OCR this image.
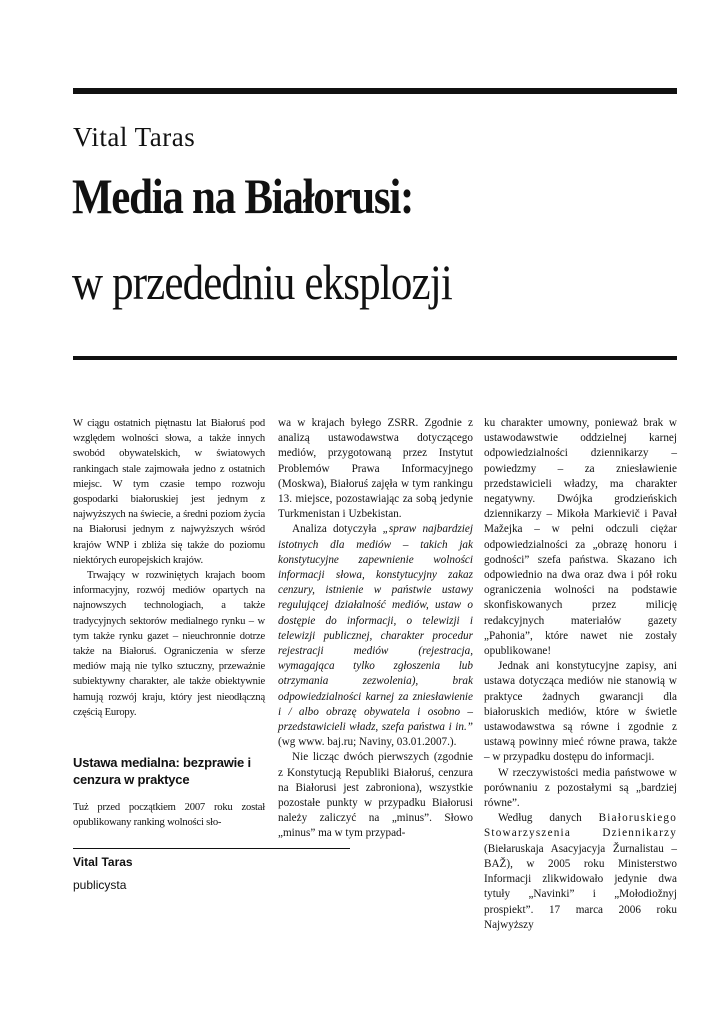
Vital Taras
Media na Białorusi:
w przededniu eksplozji

W ciągu ostatnich piętnastu lat Białoruś pod względem wolności słowa, a także innych swobód obywatelskich, w światowych rankingach stale zajmowała jedno z ostatnich miejsc. W tym czasie tempo rozwoju gospodarki białoruskiej jest jednym z najwyższych na świecie, a średni poziom życia na Białorusi jednym z najwyższych wśród krajów WNP i zbliża się także do poziomu niektórych europejskich krajów.

Trwający w rozwiniętych krajach boom informacyjny, rozwój mediów opartych na najnowszych technologiach, a także tradycyjnych sektorów medialnego rynku – w tym także rynku gazet – nieuchronnie dotrze także na Białoruś. Ograniczenia w sferze mediów mają nie tylko sztuczny, przeważnie subiektywny charakter, ale także obiektywnie hamują rozwój kraju, który jest nieodłączną częścią Europy.

Ustawa medialna: bezprawie i cenzura w praktyce

Tuż przed początkiem 2007 roku został opublikowany ranking wolności sło-

wa w krajach byłego ZSRR. Zgodnie z analizą ustawodawstwa dotyczącego mediów, przygotowaną przez Instytut Problemów Prawa Informacyjnego (Moskwa), Białoruś zajęła w tym rankingu 13. miejsce, pozostawiając za sobą jedynie Turkmenistan i Uzbekistan.

Analiza dotyczyła „spraw najbardziej istotnych dla mediów – takich jak konstytucyjne zapewnienie wolności informacji słowa, konstytucyjny zakaz cenzury, istnienie w państwie ustawy regulującej działalność mediów, ustaw o dostępie do informacji, o telewizji i telewizji publicznej, charakter procedur rejestracji mediów (rejestracja, wymagająca tylko zgłoszenia lub otrzymania zezwolenia), brak odpowiedzialności karnej za zniesławienie i / albo obrazę obywatela i osobno – przedstawicieli władz, szefa państwa i in.” (wg www. baj.ru; Naviny, 03.01.2007.).

Nie licząc dwóch pierwszych (zgodnie z Konstytucją Republiki Białoruś, cenzura na Białorusi jest zabroniona), wszystkie pozostałe punkty w przypadku Białorusi należy zaliczyć na „minus”. Słowo „minus” ma w tym przypad-

ku charakter umowny, ponieważ brak w ustawodawstwie oddzielnej karnej odpowiedzialności dziennikarzy – powiedzmy – za zniesławienie przedstawicieli władzy, ma charakter negatywny. Dwójka grodzieńskich dziennikarzy – Mikoła Markievič i Pavał Mažejka – w pełni odczuli ciężar odpowiedzialności za „obrazę honoru i godności” szefa państwa. Skazano ich odpowiednio na dwa oraz dwa i pół roku ograniczenia wolności na podstawie skonfiskowanych przez milicję redakcyjnych materiałów gazety „Pahonia”, które nawet nie zostały opublikowane!

Jednak ani konstytucyjne zapisy, ani ustawa dotycząca mediów nie stanowią w praktyce żadnych gwarancji dla białoruskich mediów, które w świetle ustawodawstwa są równe i zgodnie z ustawą powinny mieć równe prawa, także – w przypadku dostępu do informacji.

W rzeczywistości media państwowe w porównaniu z pozostałymi są „bardziej równe”.

Według danych Białoruskiego Stowarzyszenia Dziennikarzy (Biełaruskaja Asacyjacyja Žurnalistau – BAŽ), w 2005 roku Ministerstwo Informacji zlikwidowało jedynie dwa tytuły „Navinki” i „Mołodiožnyj prospiekt”. 17 marca 2006 roku Najwyższy

Vital Taras
publicysta
